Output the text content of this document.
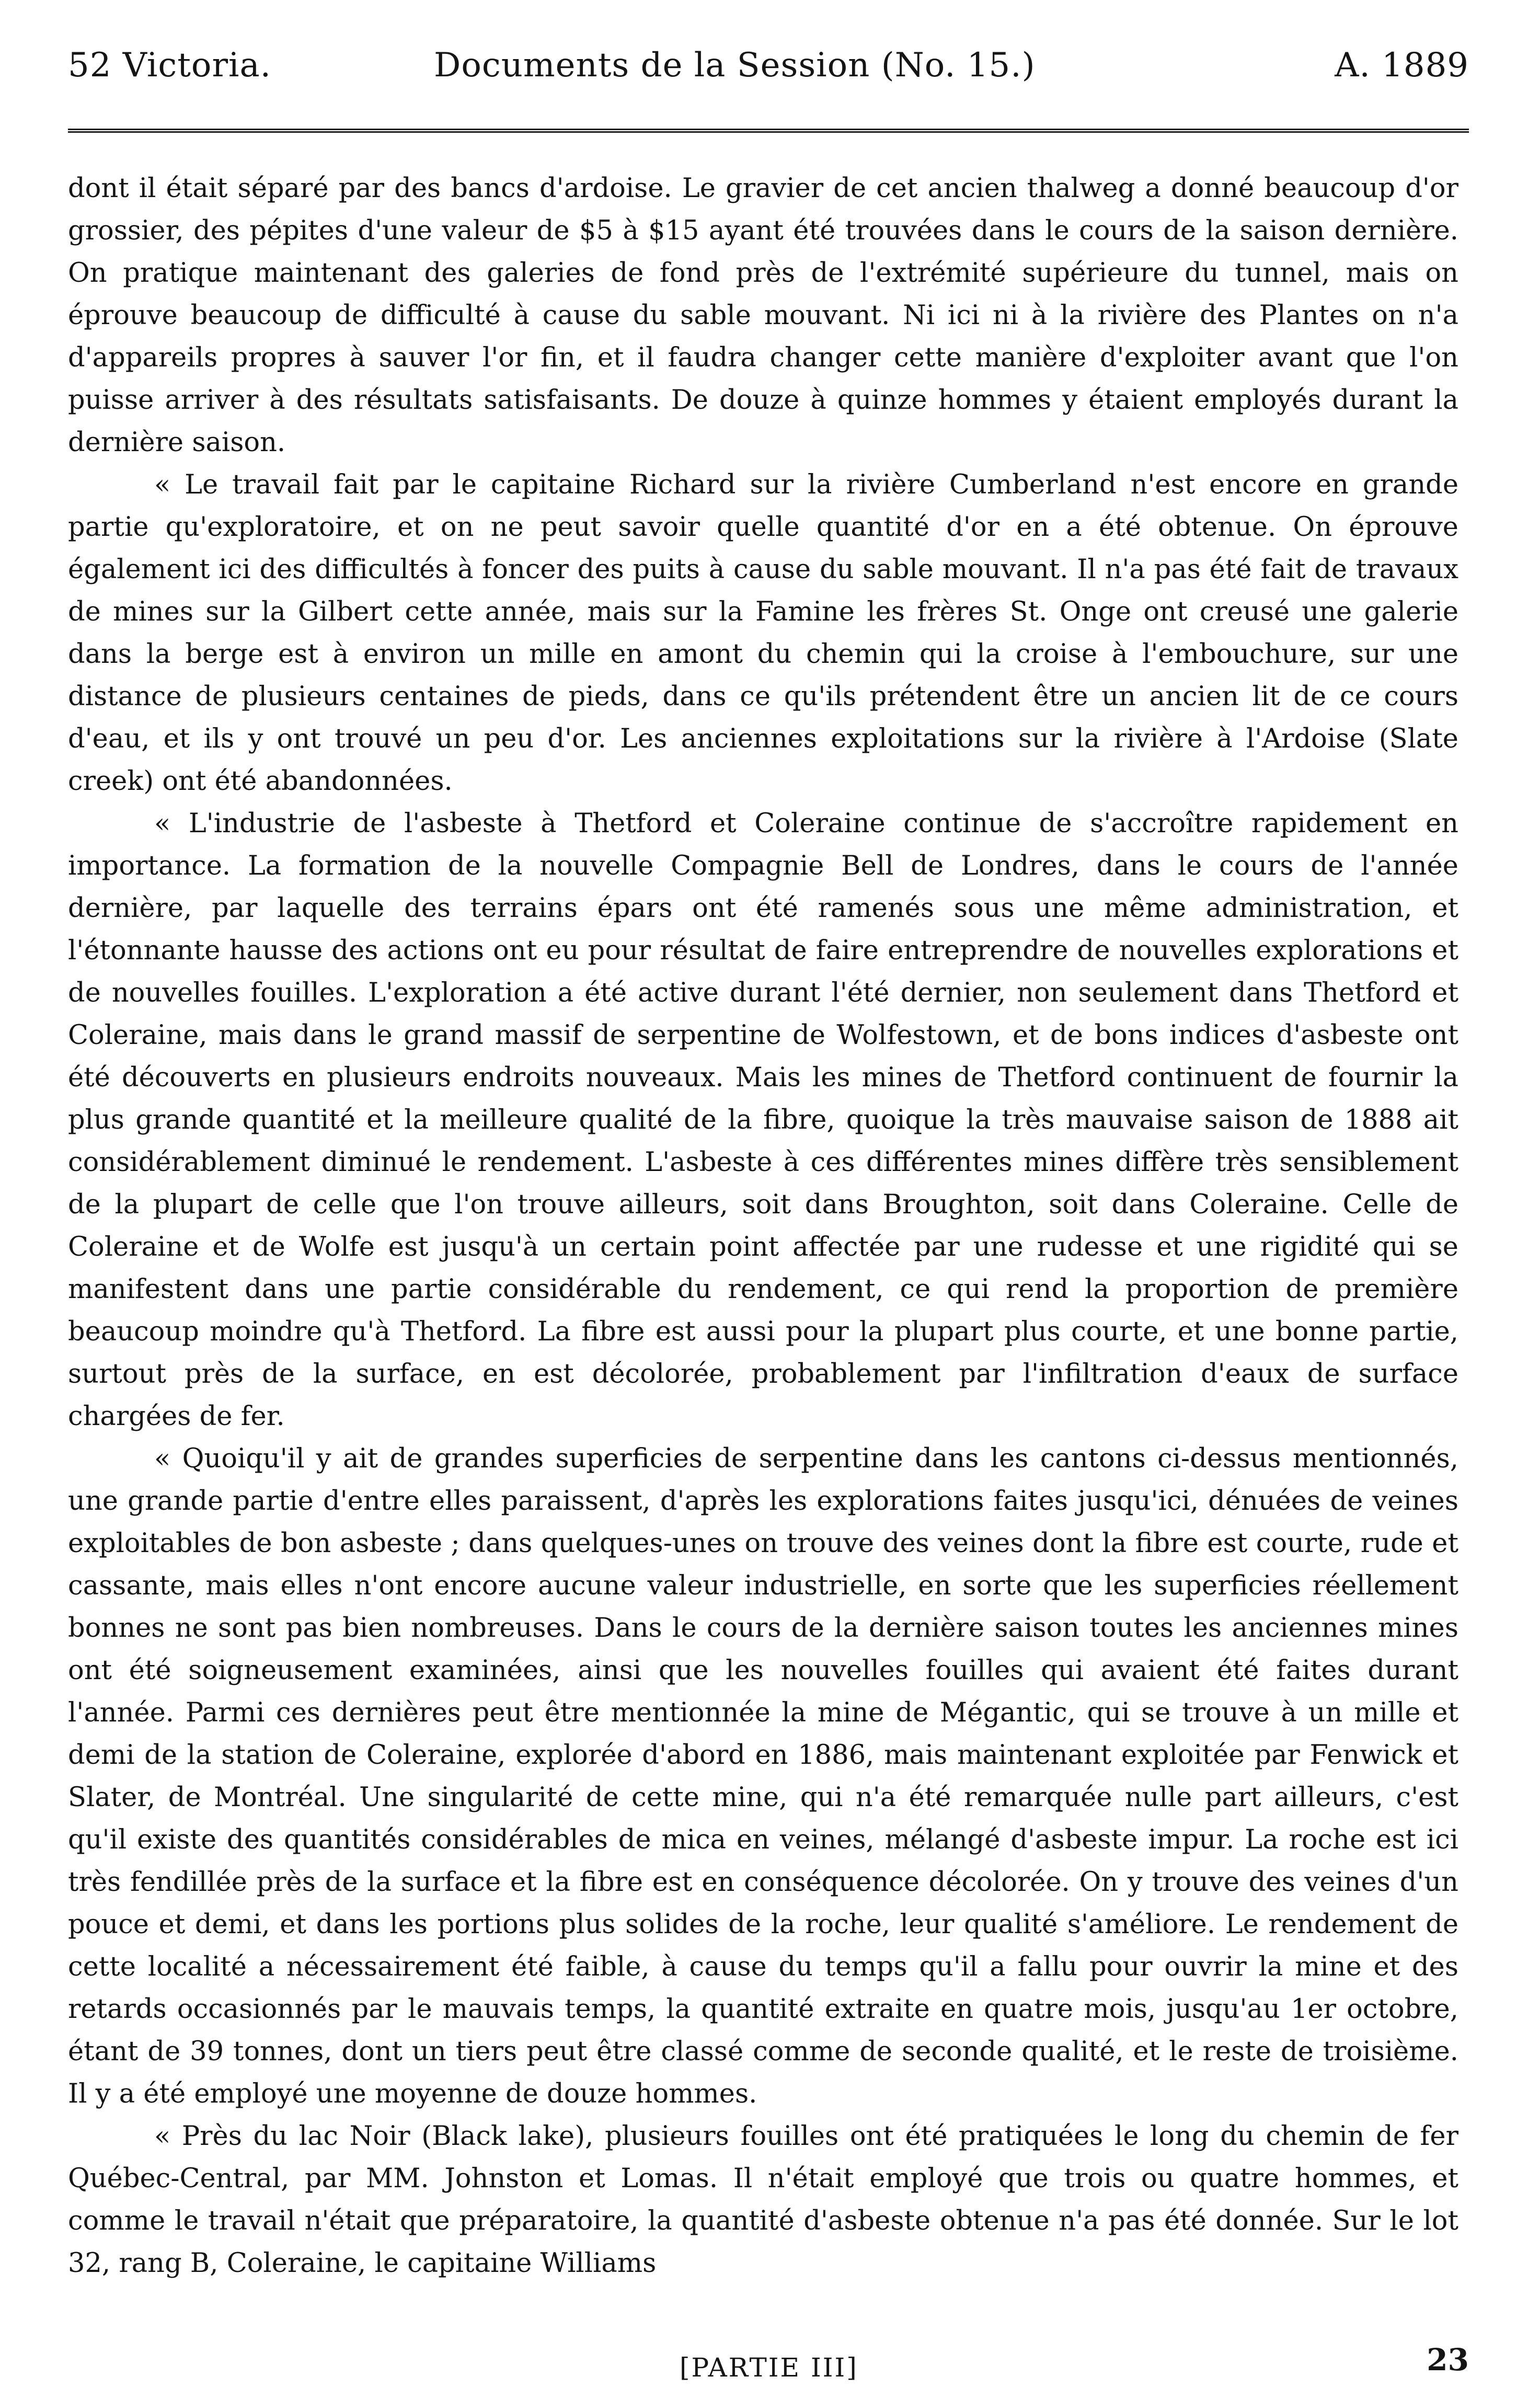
52 Victoria.	Documents de la Session (No. 15.)	A. 1889

dont il était séparé par des bancs d'ardoise. Le gravier de cet ancien thalweg a donné beaucoup d'or grossier, des pépites d'une valeur de $5 à $15 ayant été trouvées dans le cours de la saison dernière. On pratique maintenant des galeries de fond près de l'extrémité supérieure du tunnel, mais on éprouve beaucoup de difficulté à cause du sable mouvant. Ni ici ni à la rivière des Plantes on n'a d'appareils propres à sauver l'or fin, et il faudra changer cette manière d'exploiter avant que l'on puisse arriver à des résultats satisfaisants. De douze à quinze hommes y étaient employés durant la dernière saison.

« Le travail fait par le capitaine Richard sur la rivière Cumberland n'est encore en grande partie qu'exploratoire, et on ne peut savoir quelle quantité d'or en a été obtenue. On éprouve également ici des difficultés à foncer des puits à cause du sable mouvant. Il n'a pas été fait de travaux de mines sur la Gilbert cette année, mais sur la Famine les frères St. Onge ont creusé une galerie dans la berge est à environ un mille en amont du chemin qui la croise à l'embouchure, sur une distance de plusieurs centaines de pieds, dans ce qu'ils prétendent être un ancien lit de ce cours d'eau, et ils y ont trouvé un peu d'or. Les anciennes exploitations sur la rivière à l'Ardoise (Slate creek) ont été abandonnées.

« L'industrie de l'asbeste à Thetford et Coleraine continue de s'accroître rapidement en importance. La formation de la nouvelle Compagnie Bell de Londres, dans le cours de l'année dernière, par laquelle des terrains épars ont été ramenés sous une même administration, et l'étonnante hausse des actions ont eu pour résultat de faire entreprendre de nouvelles explorations et de nouvelles fouilles. L'exploration a été active durant l'été dernier, non seulement dans Thetford et Coleraine, mais dans le grand massif de serpentine de Wolfestown, et de bons indices d'asbeste ont été découverts en plusieurs endroits nouveaux. Mais les mines de Thetford continuent de fournir la plus grande quantité et la meilleure qualité de la fibre, quoique la très mauvaise saison de 1888 ait considérablement diminué le rendement. L'asbeste à ces différentes mines diffère très sensiblement de la plupart de celle que l'on trouve ailleurs, soit dans Broughton, soit dans Coleraine. Celle de Coleraine et de Wolfe est jusqu'à un certain point affectée par une rudesse et une rigidité qui se manifestent dans une partie considérable du rendement, ce qui rend la proportion de première beaucoup moindre qu'à Thetford. La fibre est aussi pour la plupart plus courte, et une bonne partie, surtout près de la surface, en est décolorée, probablement par l'infiltration d'eaux de surface chargées de fer.

« Quoiqu'il y ait de grandes superficies de serpentine dans les cantons ci-dessus mentionnés, une grande partie d'entre elles paraissent, d'après les explorations faites jusqu'ici, dénuées de veines exploitables de bon asbeste ; dans quelques-unes on trouve des veines dont la fibre est courte, rude et cassante, mais elles n'ont encore aucune valeur industrielle, en sorte que les superficies réellement bonnes ne sont pas bien nombreuses. Dans le cours de la dernière saison toutes les anciennes mines ont été soigneusement examinées, ainsi que les nouvelles fouilles qui avaient été faites durant l'année. Parmi ces dernières peut être mentionnée la mine de Mégantic, qui se trouve à un mille et demi de la station de Coleraine, explorée d'abord en 1886, mais maintenant exploitée par Fenwick et Slater, de Montréal. Une singularité de cette mine, qui n'a été remarquée nulle part ailleurs, c'est qu'il existe des quantités considérables de mica en veines, mélangé d'asbeste impur. La roche est ici très fendillée près de la surface et la fibre est en conséquence décolorée. On y trouve des veines d'un pouce et demi, et dans les portions plus solides de la roche, leur qualité s'améliore. Le rendement de cette localité a nécessairement été faible, à cause du temps qu'il a fallu pour ouvrir la mine et des retards occasionnés par le mauvais temps, la quantité extraite en quatre mois, jusqu'au 1er octobre, étant de 39 tonnes, dont un tiers peut être classé comme de seconde qualité, et le reste de troisième. Il y a été employé une moyenne de douze hommes.

« Près du lac Noir (Black lake), plusieurs fouilles ont été pratiquées le long du chemin de fer Québec-Central, par MM. Johnston et Lomas. Il n'était employé que trois ou quatre hommes, et comme le travail n'était que préparatoire, la quantité d'asbeste obtenue n'a pas été donnée. Sur le lot 32, rang B, Coleraine, le capitaine Williams

[ PARTIE III ]	23
